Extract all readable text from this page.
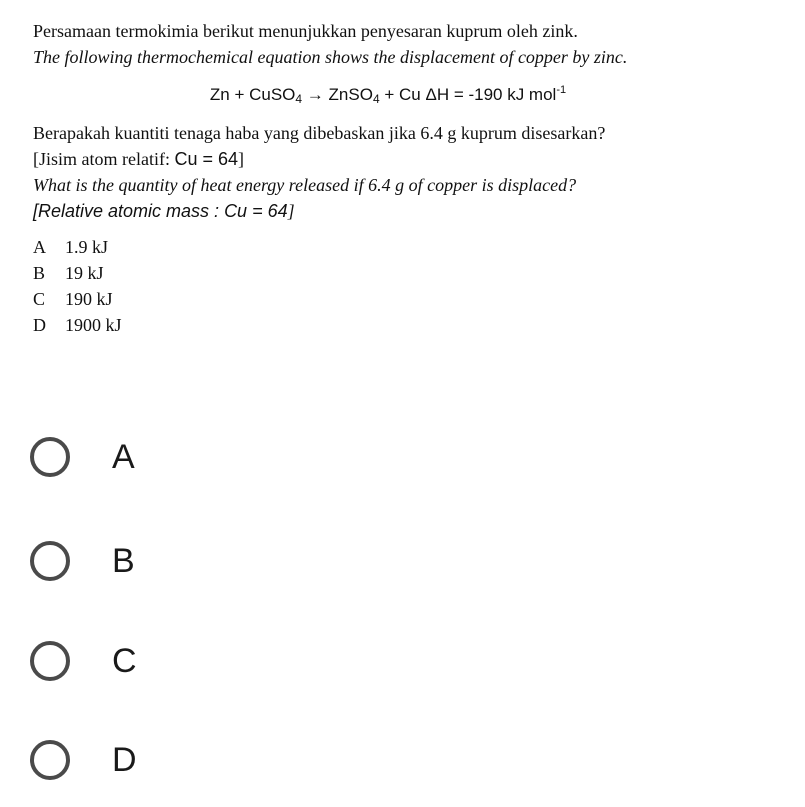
Persamaan termokimia berikut menunjukkan penyesaran kuprum oleh zink.
The following thermochemical equation shows the displacement of copper by zinc.
Zn + CuSO$_4$ → ZnSO$_4$ + Cu ΔH = -190 kJ mol$^{-1}$
Berapakah kuantiti tenaga haba yang dibebaskan jika 6.4 g kuprum disesarkan?
[Jisim atom relatif: Cu = 64]
What is the quantity of heat energy released if 6.4 g of copper is displaced?
[Relative atomic mass : Cu = 64]
A	1.9 kJ
B	19 kJ
C	190 kJ
D	1900 kJ
A
B
C
D
